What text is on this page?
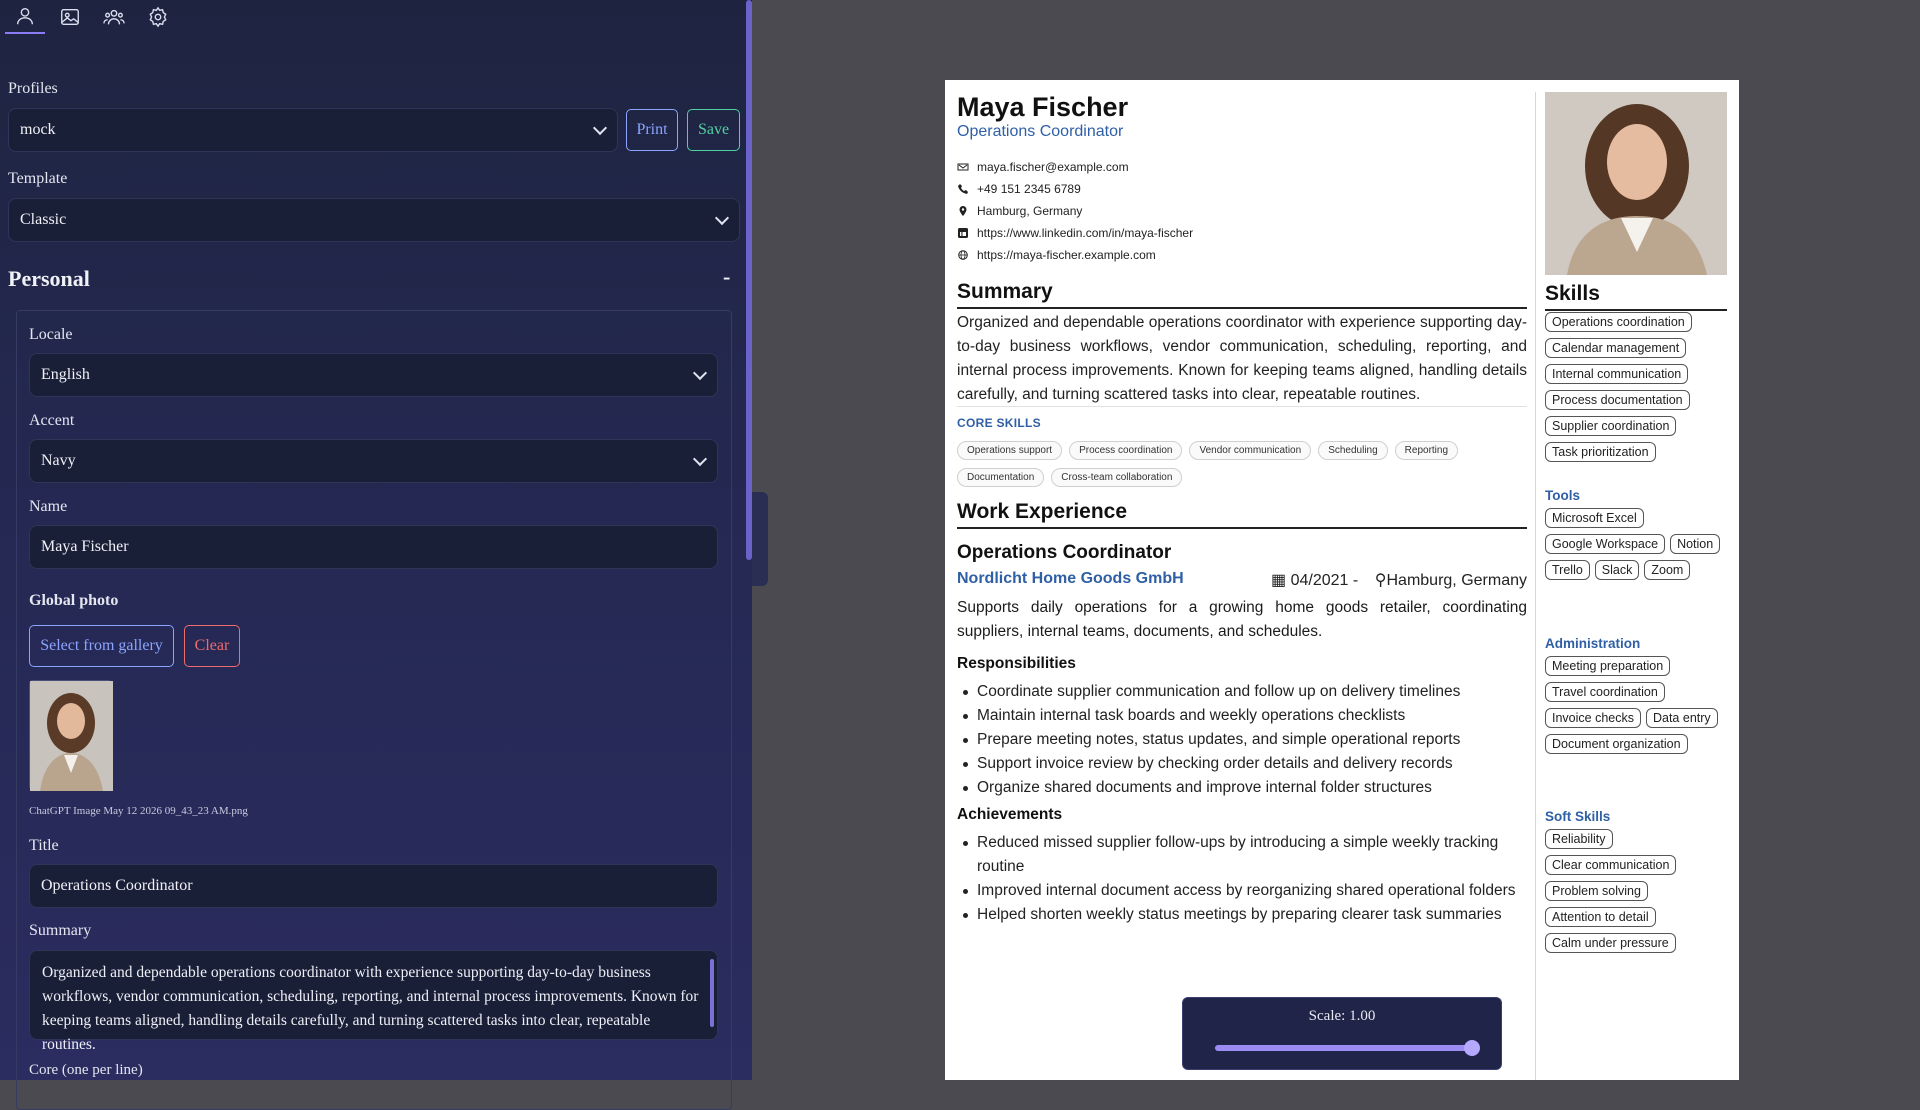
Profiles
mock	Print	Save
Template
Classic
Personal	-
Locale
English
Accent
Navy
Name
Maya Fischer
Global photo
Select from gallery	Clear
ChatGPT Image May 12 2026 09_43_23 AM.png
Title
Operations Coordinator
Summary
Organized and dependable operations coordinator with experience supporting day-to-day business workflows, vendor communication, scheduling, reporting, and internal process improvements. Known for keeping teams aligned, handling details carefully, and turning scattered tasks into clear, repeatable routines.
Core (one per line)
Maya Fischer
Operations Coordinator
maya.fischer@example.com
+49 151 2345 6789
Hamburg, Germany
https://www.linkedin.com/in/maya-fischer
https://maya-fischer.example.com
Summary
Organized and dependable operations coordinator with experience supporting day-to-day business workflows, vendor communication, scheduling, reporting, and internal process improvements. Known for keeping teams aligned, handling details carefully, and turning scattered tasks into clear, repeatable routines.
CORE SKILLS
Operations support	Process coordination	Vendor communication	Scheduling	Reporting
Documentation	Cross-team collaboration
Work Experience
Operations Coordinator
Nordlicht Home Goods GmbH	▦ 04/2021 - ⚲Hamburg, Germany
Supports daily operations for a growing home goods retailer, coordinating suppliers, internal teams, documents, and schedules.
Responsibilities
Coordinate supplier communication and follow up on delivery timelines
Maintain internal task boards and weekly operations checklists
Prepare meeting notes, status updates, and simple operational reports
Support invoice review by checking order details and delivery records
Organize shared documents and improve internal folder structures
Achievements
Reduced missed supplier follow-ups by introducing a simple weekly tracking routine
Improved internal document access by reorganizing shared operational folders
Helped shorten weekly status meetings by preparing clearer task summaries
Skills
Operations coordination
Calendar management
Internal communication
Process documentation
Supplier coordination
Task prioritization
Tools
Microsoft Excel
Google Workspace	Notion
Trello	Slack	Zoom
Administration
Meeting preparation
Travel coordination
Invoice checks	Data entry
Document organization
Soft Skills
Reliability
Clear communication
Problem solving
Attention to detail
Calm under pressure
Scale: 1.00
